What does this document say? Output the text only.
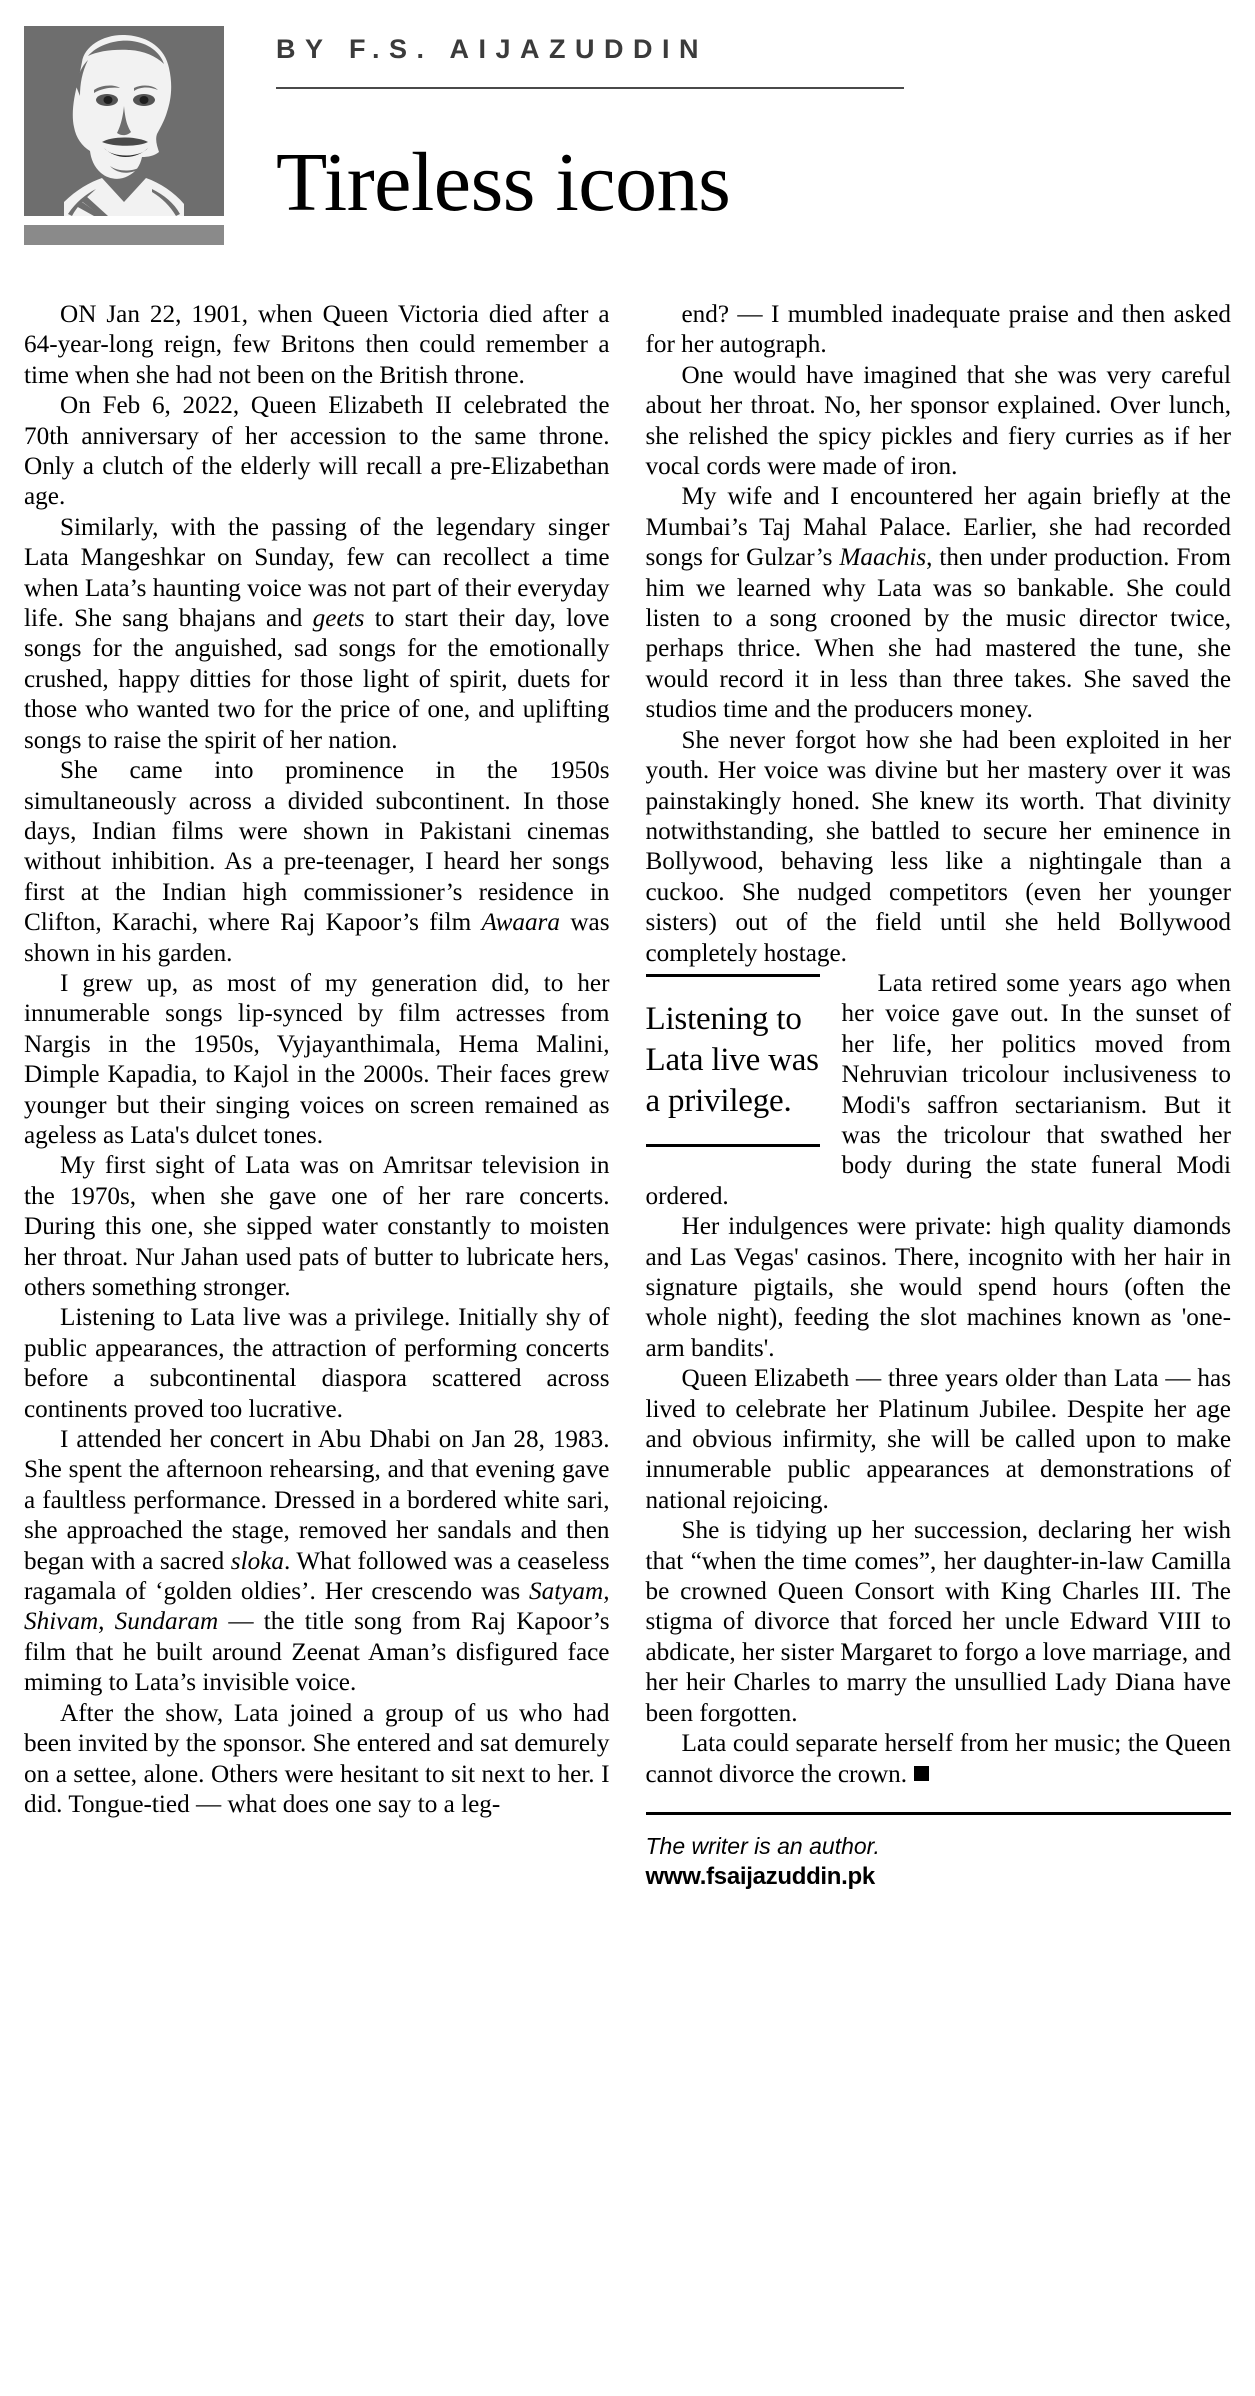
BY F.S. AIJAZUDDIN
Tireless icons

ON Jan 22, 1901, when Queen Victoria died after a 64-year-long reign, few Britons then could remember a time when she had not been on the British throne.

On Feb 6, 2022, Queen Elizabeth II celebrated the 70th anniversary of her accession to the same throne. Only a clutch of the elderly will recall a pre-Elizabethan age.

Similarly, with the passing of the legendary singer Lata Mangeshkar on Sunday, few can recollect a time when Lata’s haunting voice was not part of their everyday life. She sang bhajans and geets to start their day, love songs for the anguished, sad songs for the emotionally crushed, happy ditties for those light of spirit, duets for those who wanted two for the price of one, and uplifting songs to raise the spirit of her nation.

She came into prominence in the 1950s simultaneously across a divided subcontinent. In those days, Indian films were shown in Pakistani cinemas without inhibition. As a pre-teenager, I heard her songs first at the Indian high commissioner’s residence in Clifton, Karachi, where Raj Kapoor’s film Awaara was shown in his garden.

I grew up, as most of my generation did, to her innumerable songs lip-synced by film actresses from Nargis in the 1950s, Vyjayanthimala, Hema Malini, Dimple Kapadia, to Kajol in the 2000s. Their faces grew younger but their singing voices on screen remained as ageless as Lata's dulcet tones.

My first sight of Lata was on Amritsar television in the 1970s, when she gave one of her rare concerts. During this one, she sipped water constantly to moisten her throat. Nur Jahan used pats of butter to lubricate hers, others something stronger.

Listening to Lata live was a privilege. Initially shy of public appearances, the attraction of performing concerts before a subcontinental diaspora scattered across continents proved too lucrative.

I attended her concert in Abu Dhabi on Jan 28, 1983. She spent the afternoon rehearsing, and that evening gave a faultless performance. Dressed in a bordered white sari, she approached the stage, removed her sandals and then began with a sacred sloka. What followed was a ceaseless ragamala of ‘golden oldies’. Her crescendo was Satyam, Shivam, Sundaram — the title song from Raj Kapoor’s film that he built around Zeenat Aman’s disfigured face miming to Lata’s invisible voice.

After the show, Lata joined a group of us who had been invited by the sponsor. She entered and sat demurely on a settee, alone. Others were hesitant to sit next to her. I did. Tongue-tied — what does one say to a leg-

end? — I mumbled inadequate praise and then asked for her autograph.

One would have imagined that she was very careful about her throat. No, her sponsor explained. Over lunch, she relished the spicy pickles and fiery curries as if her vocal cords were made of iron.

My wife and I encountered her again briefly at the Mumbai’s Taj Mahal Palace. Earlier, she had recorded songs for Gulzar’s Maachis, then under production. From him we learned why Lata was so bankable. She could listen to a song crooned by the music director twice, perhaps thrice. When she had mastered the tune, she would record it in less than three takes. She saved the studios time and the producers money.

She never forgot how she had been exploited in her youth. Her voice was divine but her mastery over it was painstakingly honed. She knew its worth. That divinity notwithstanding, she battled to secure her eminence in Bollywood, behaving less like a nightingale than a cuckoo. She nudged competitors (even her younger sisters) out of the field until she held Bollywood completely hostage.

Listening to Lata live was a privilege.

Lata retired some years ago when her voice gave out. In the sunset of her life, her politics moved from Nehruvian tricolour inclusiveness to Modi's saffron sectarianism. But it was the tricolour that swathed her body during the state funeral Modi ordered.

Her indulgences were private: high quality diamonds and Las Vegas' casinos. There, incognito with her hair in signature pigtails, she would spend hours (often the whole night), feeding the slot machines known as 'one-arm bandits'.

Queen Elizabeth — three years older than Lata — has lived to celebrate her Platinum Jubilee. Despite her age and obvious infirmity, she will be called upon to make innumerable public appearances at demonstrations of national rejoicing.

She is tidying up her succession, declaring her wish that “when the time comes”, her daughter-in-law Camilla be crowned Queen Consort with King Charles III. The stigma of divorce that forced her uncle Edward VIII to abdicate, her sister Margaret to forgo a love marriage, and her heir Charles to marry the unsullied Lady Diana have been forgotten.

Lata could separate herself from her music; the Queen cannot divorce the crown.

The writer is an author.
www.fsaijazuddin.pk
